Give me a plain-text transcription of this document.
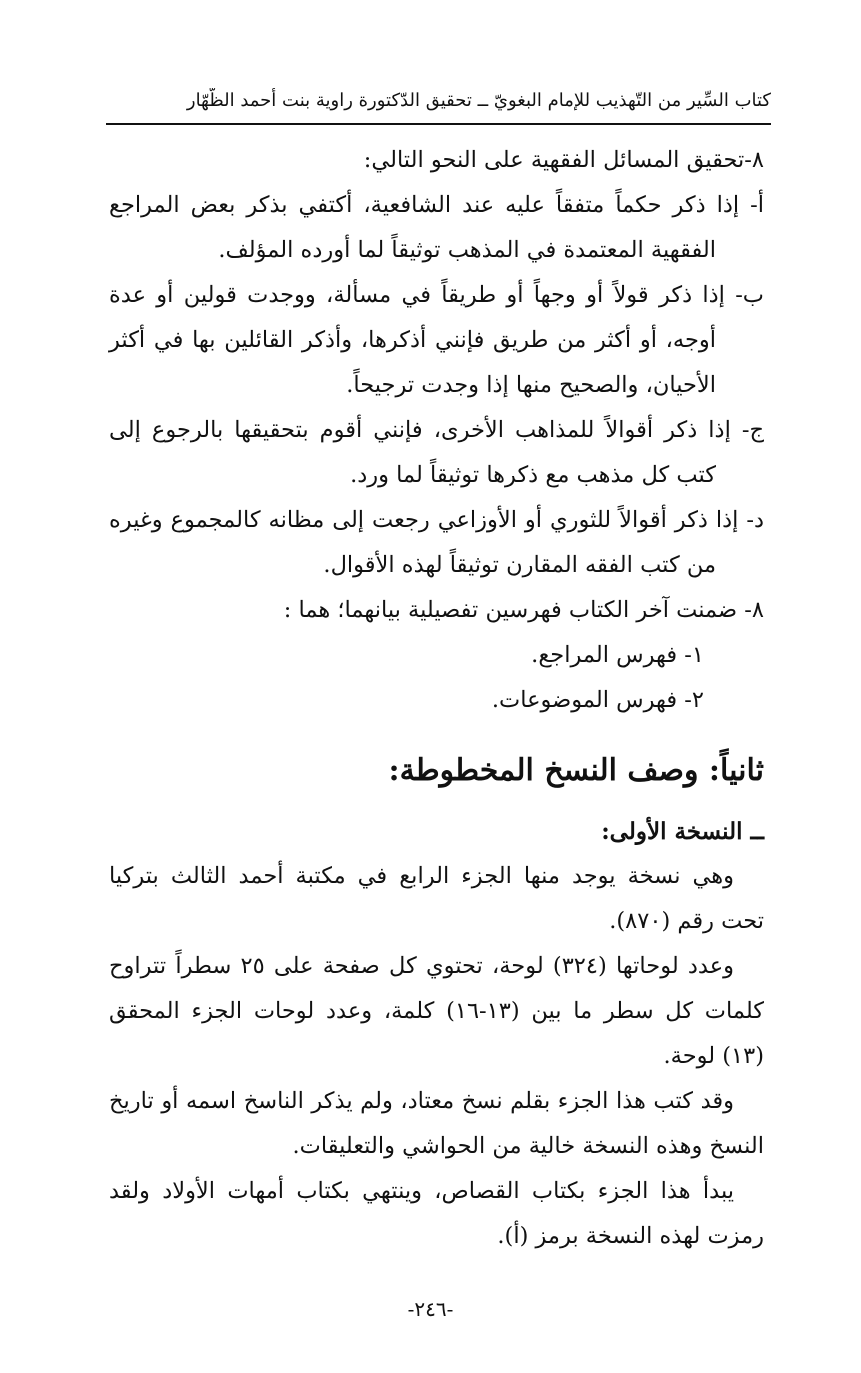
كتاب السِّير من التّهذيب للإمام البغويّ ــ تحقيق الدّكتورة راوية بنت أحمد الظّهّار

٨-تحقيق المسائل الفقهية على النحو التالي:

أ- إذا ذكر حكماً متفقاً عليه عند الشافعية، أكتفي بذكر بعض المراجع الفقهية المعتمدة في المذهب توثيقاً لما أورده المؤلف.

ب- إذا ذكر قولاً أو وجهاً أو طريقاً في مسألة، ووجدت قولين أو عدة أوجه، أو أكثر من طريق فإنني أذكرها، وأذكر القائلين بها في أكثر الأحيان، والصحيح منها إذا وجدت ترجيحاً.

ج- إذا ذكر أقوالاً للمذاهب الأخرى، فإنني أقوم بتحقيقها بالرجوع إلى كتب كل مذهب مع ذكرها توثيقاً لما ورد.

د- إذا ذكر أقوالاً للثوري أو الأوزاعي رجعت إلى مظانه كالمجموع وغيره من كتب الفقه المقارن توثيقاً لهذه الأقوال.

٨- ضمنت آخر الكتاب فهرسين تفصيلية بيانهما؛ هما :

١- فهرس المراجع.

٢- فهرس الموضوعات.

ثانياً: وصف النسخ المخطوطة:

ــ النسخة الأولى:

وهي نسخة يوجد منها الجزء الرابع في مكتبة أحمد الثالث بتركيا تحت رقم (٨٧٠).

وعدد لوحاتها (٣٢٤) لوحة، تحتوي كل صفحة على ٢٥ سطراً تتراوح كلمات كل سطر ما بين (١٣-١٦) كلمة، وعدد لوحات الجزء المحقق (١٣) لوحة.

وقد كتب هذا الجزء بقلم نسخ معتاد، ولم يذكر الناسخ اسمه أو تاريخ النسخ وهذه النسخة خالية من الحواشي والتعليقات.

يبدأ هذا الجزء بكتاب القصاص، وينتهي بكتاب أمهات الأولاد ولقد رمزت لهذه النسخة برمز (أ).

-٢٤٦-
